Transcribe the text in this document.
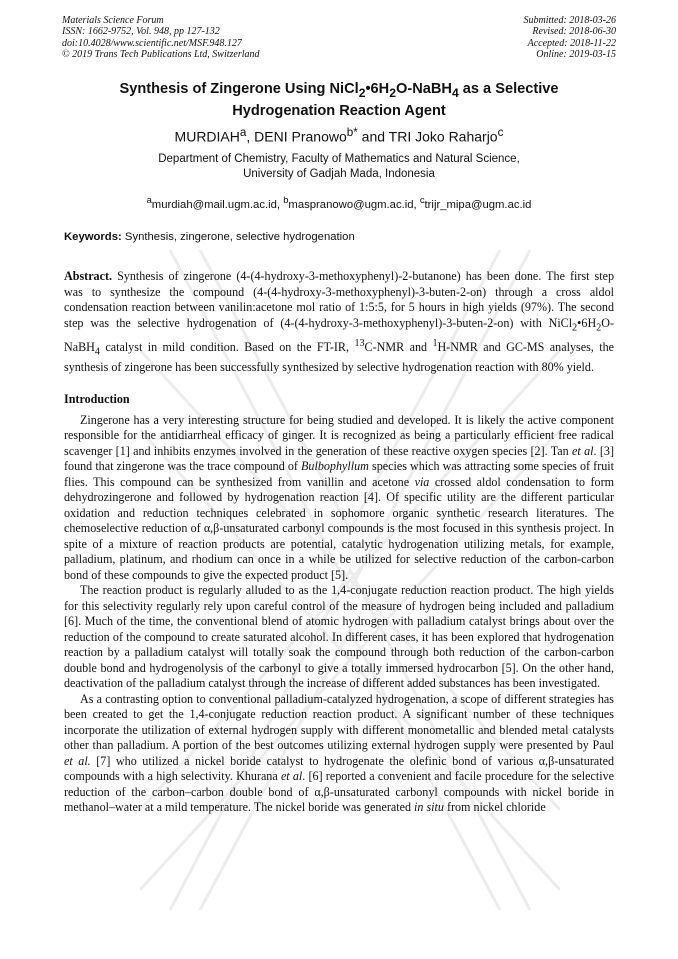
Materials Science Forum
ISSN: 1662-9752, Vol. 948, pp 127-132
doi:10.4028/www.scientific.net/MSF.948.127
© 2019 Trans Tech Publications Ltd, Switzerland
Submitted: 2018-03-26
Revised: 2018-06-30
Accepted: 2018-11-22
Online: 2019-03-15
Synthesis of Zingerone Using $NiCl_2•6H_2O-NaBH_4$ as a Selective
Hydrogenation Reaction Agent
MURDIAH$^a$, DENI Pranowo$^{b*}$ and TRI Joko Raharjo$^c$
Department of Chemistry, Faculty of Mathematics and Natural Science,
University of Gadjah Mada, Indonesia
$^a$murdiah@mail.ugm.ac.id, $^b$maspranowo@ugm.ac.id, $^c$trijr_mipa@ugm.ac.id
Keywords: Synthesis, zingerone, selective hydrogenation
Abstract. Synthesis of zingerone (4-(4-hydroxy-3-methoxyphenyl)-2-butanone) has been done. The first step was to synthesize the compound (4-(4-hydroxy-3-methoxyphenyl)-3-buten-2-on) through a cross aldol condensation reaction between vanilin:acetone mol ratio of 1:5:5, for 5 hours in high yields (97%). The second step was the selective hydrogenation of (4-(4-hydroxy-3-methoxyphenyl)-3-buten-2-on) with $NiCl_2•6H_2O-NaBH_4$ catalyst in mild condition. Based on the FT-IR, $^{13}$C-NMR and $^1$H-NMR and GC-MS analyses, the synthesis of zingerone has been successfully synthesized by selective hydrogenation reaction with 80% yield.
Introduction

Zingerone has a very interesting structure for being studied and developed. It is likely the active component responsible for the antidiarrheal efficacy of ginger. It is recognized as being a particularly efficient free radical scavenger [1] and inhibits enzymes involved in the generation of these reactive oxygen species [2]. Tan et al. [3] found that zingerone was the trace compound of Bulbophyllum species which was attracting some species of fruit flies. This compound can be synthesized from vanillin and acetone via crossed aldol condensation to form dehydrozingerone and followed by hydrogenation reaction [4]. Of specific utility are the different particular oxidation and reduction techniques celebrated in sophomore organic synthetic research literatures. The chemoselective reduction of α,β-unsaturated carbonyl compounds is the most focused in this synthesis project. In spite of a mixture of reaction products are potential, catalytic hydrogenation utilizing metals, for example, palladium, platinum, and rhodium can once in a while be utilized for selective reduction of the carbon-carbon bond of these compounds to give the expected product [5].

The reaction product is regularly alluded to as the 1,4-conjugate reduction reaction product. The high yields for this selectivity regularly rely upon careful control of the measure of hydrogen being included and palladium [6]. Much of the time, the conventional blend of atomic hydrogen with palladium catalyst brings about over the reduction of the compound to create saturated alcohol. In different cases, it has been explored that hydrogenation reaction by a palladium catalyst will totally soak the compound through both reduction of the carbon-carbon double bond and hydrogenolysis of the carbonyl to give a totally immersed hydrocarbon [5]. On the other hand, deactivation of the palladium catalyst through the increase of different added substances has been investigated.

As a contrasting option to conventional palladium-catalyzed hydrogenation, a scope of different strategies has been created to get the 1,4-conjugate reduction reaction product. A significant number of these techniques incorporate the utilization of external hydrogen supply with different monometallic and blended metal catalysts other than palladium. A portion of the best outcomes utilizing external hydrogen supply were presented by Paul et al. [7] who utilized a nickel boride catalyst to hydrogenate the olefinic bond of various α,β-unsaturated compounds with a high selectivity. Khurana et al. [6] reported a convenient and facile procedure for the selective reduction of the carbon–carbon double bond of α,β-unsaturated carbonyl compounds with nickel boride in methanol–water at a mild temperature. The nickel boride was generated in situ from nickel chloride
